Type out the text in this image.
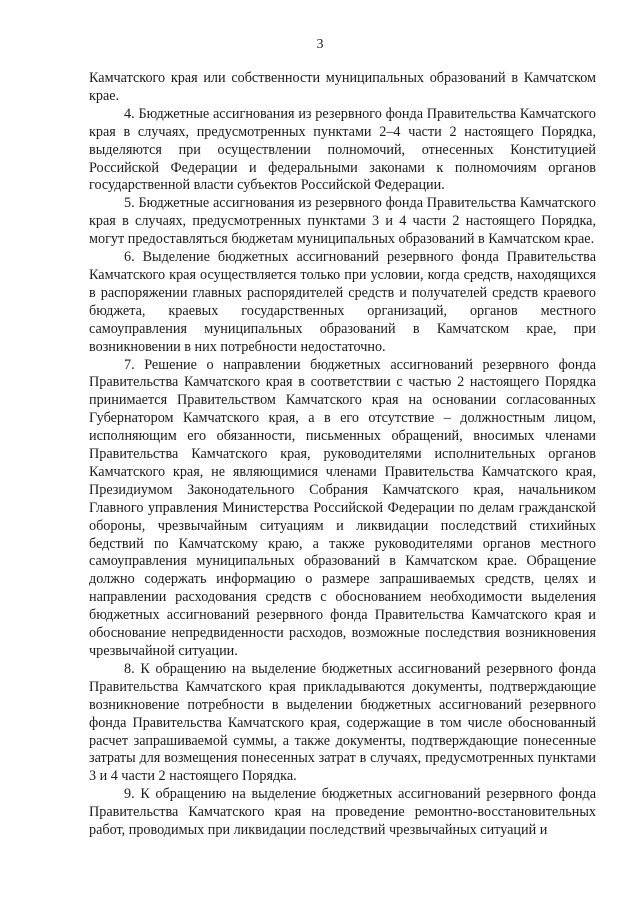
3

Камчатского края или собственности муниципальных образований в Камчатском крае.

4. Бюджетные ассигнования из резервного фонда Правительства Камчатского края в случаях, предусмотренных пунктами 2–4 части 2 настоящего Порядка, выделяются при осуществлении полномочий, отнесенных Конституцией Российской Федерации и федеральными законами к полномочиям органов государственной власти субъектов Российской Федерации.

5. Бюджетные ассигнования из резервного фонда Правительства Камчатского края в случаях, предусмотренных пунктами 3 и 4 части 2 настоящего Порядка, могут предоставляться бюджетам муниципальных образований в Камчатском крае.

6. Выделение бюджетных ассигнований резервного фонда Правительства Камчатского края осуществляется только при условии, когда средств, находящихся в распоряжении главных распорядителей средств и получателей средств краевого бюджета, краевых государственных организаций, органов местного самоуправления муниципальных образований в Камчатском крае, при возникновении в них потребности недостаточно.

7. Решение о направлении бюджетных ассигнований резервного фонда Правительства Камчатского края в соответствии с частью 2 настоящего Порядка принимается Правительством Камчатского края на основании согласованных Губернатором Камчатского края, а в его отсутствие – должностным лицом, исполняющим его обязанности, письменных обращений, вносимых членами Правительства Камчатского края, руководителями исполнительных органов Камчатского края, не являющимися членами Правительства Камчатского края, Президиумом Законодательного Собрания Камчатского края, начальником Главного управления Министерства Российской Федерации по делам гражданской обороны, чрезвычайным ситуациям и ликвидации последствий стихийных бедствий по Камчатскому краю, а также руководителями органов местного самоуправления муниципальных образований в Камчатском крае. Обращение должно содержать информацию о размере запрашиваемых средств, целях и направлении расходования средств с обоснованием необходимости выделения бюджетных ассигнований резервного фонда Правительства Камчатского края и обоснование непредвиденности расходов, возможные последствия возникновения чрезвычайной ситуации.

8. К обращению на выделение бюджетных ассигнований резервного фонда Правительства Камчатского края прикладываются документы, подтверждающие возникновение потребности в выделении бюджетных ассигнований резервного фонда Правительства Камчатского края, содержащие в том числе обоснованный расчет запрашиваемой суммы, а также документы, подтверждающие понесенные затраты для возмещения понесенных затрат в случаях, предусмотренных пунктами 3 и 4 части 2 настоящего Порядка.

9. К обращению на выделение бюджетных ассигнований резервного фонда Правительства Камчатского края на проведение ремонтно-восстановительных работ, проводимых при ликвидации последствий чрезвычайных ситуаций и
